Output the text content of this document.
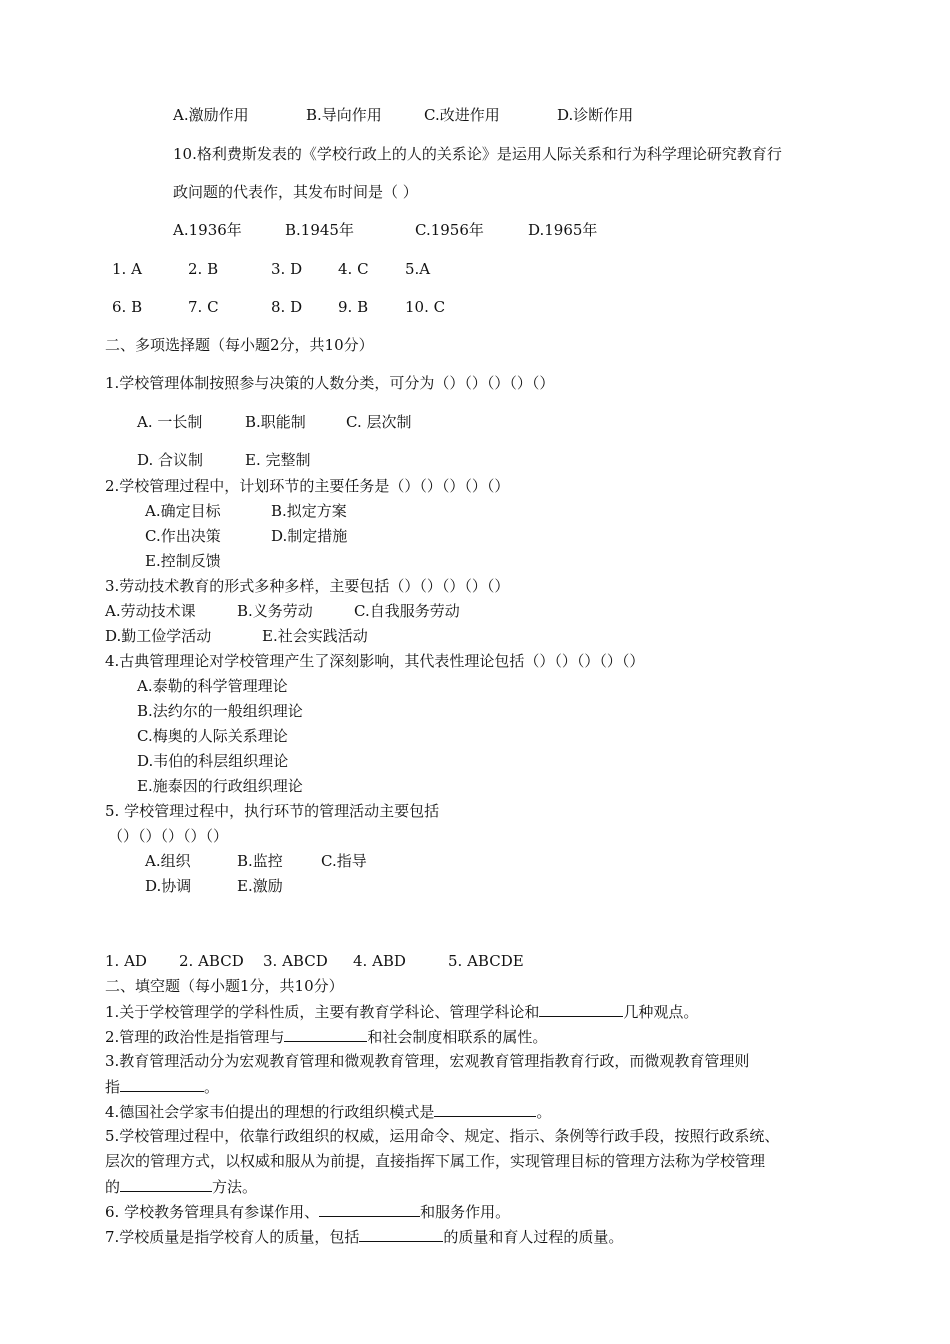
A.激励作用	B.导向作用	C.改进作用	D.诊断作用
10.格利费斯发表的《学校行政上的人的关系论》是运用人际关系和行为科学理论研究教育行
政问题的代表作，其发布时间是（ ）
A.1936年	B.1945年	C.1956年	D.1965年
1. A	2. B	3. D 4. C 5.A
6. B	7. C	8. D 9. B 10. C
二、多项选择题（每小题2分，共10分）
1.学校管理体制按照参与决策的人数分类，可分为（）（）（）（）（）
A. 一长制	B.职能制	C. 层次制
D. 合议制	E. 完整制
2.学校管理过程中，计划环节的主要任务是（）（）（）（）（）
A.确定目标	B.拟定方案
C.作出决策	D.制定措施
E.控制反馈
3.劳动技术教育的形式多种多样，主要包括（）（）（）（）（）
A.劳动技术课	B.义务劳动	C.自我服务劳动
D.勤工俭学活动	E.社会实践活动
4.古典管理理论对学校管理产生了深刻影响，其代表性理论包括（）（）（）（）（）
A.泰勒的科学管理理论
B.法约尔的一般组织理论
C.梅奥的人际关系理论
D.韦伯的科层组织理论
E.施泰因的行政组织理论
5. 学校管理过程中，执行环节的管理活动主要包括
（）（）（）（）（）
A.组织	B.监控	C.指导
D.协调	E.激励
1. AD 2. ABCD 3. ABCD 4. ABD	5. ABCDE
二、填空题（每小题1分，共10分）
1.关于学校管理学的学科性质，主要有教育学科论、管理学科论和	几种观点。
2.管理的政治性是指管理与	和社会制度相联系的属性。
3.教育管理活动分为宏观教育管理和微观教育管理，宏观教育管理指教育行政，而微观教育管理则
指	。
4.德国社会学家韦伯提出的理想的行政组织模式是	。
5.学校管理过程中，依靠行政组织的权威，运用命令、规定、指示、条例等行政手段，按照行政系统、
层次的管理方式，以权威和服从为前提，直接指挥下属工作，实现管理目标的管理方法称为学校管理
的	方法。
6. 学校教务管理具有参谋作用、	和服务作用。
7.学校质量是指学校育人的质量，包括	的质量和育人过程的质量。
